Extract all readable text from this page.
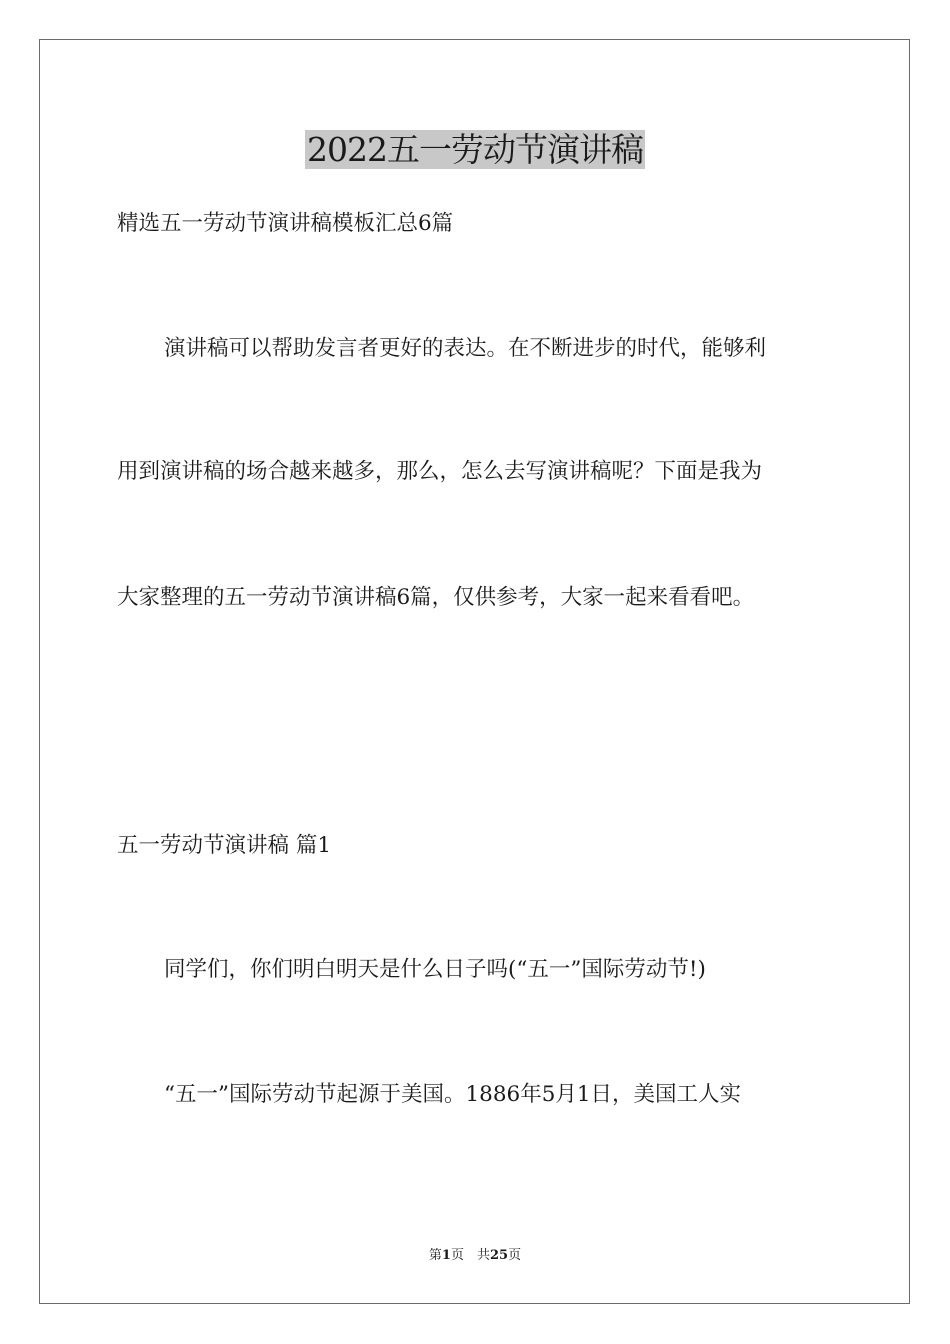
2022五一劳动节演讲稿

精选五一劳动节演讲稿模板汇总6篇

演讲稿可以帮助发言者更好的表达。在不断进步的时代，能够利

用到演讲稿的场合越来越多，那么，怎么去写演讲稿呢？下面是我为

大家整理的五一劳动节演讲稿6篇，仅供参考，大家一起来看看吧。

五一劳动节演讲稿 篇1

同学们，你们明白明天是什么日子吗(“五一”国际劳动节!)

“五一”国际劳动节起源于美国。1886年5月1日，美国工人实

第1页　共25页
